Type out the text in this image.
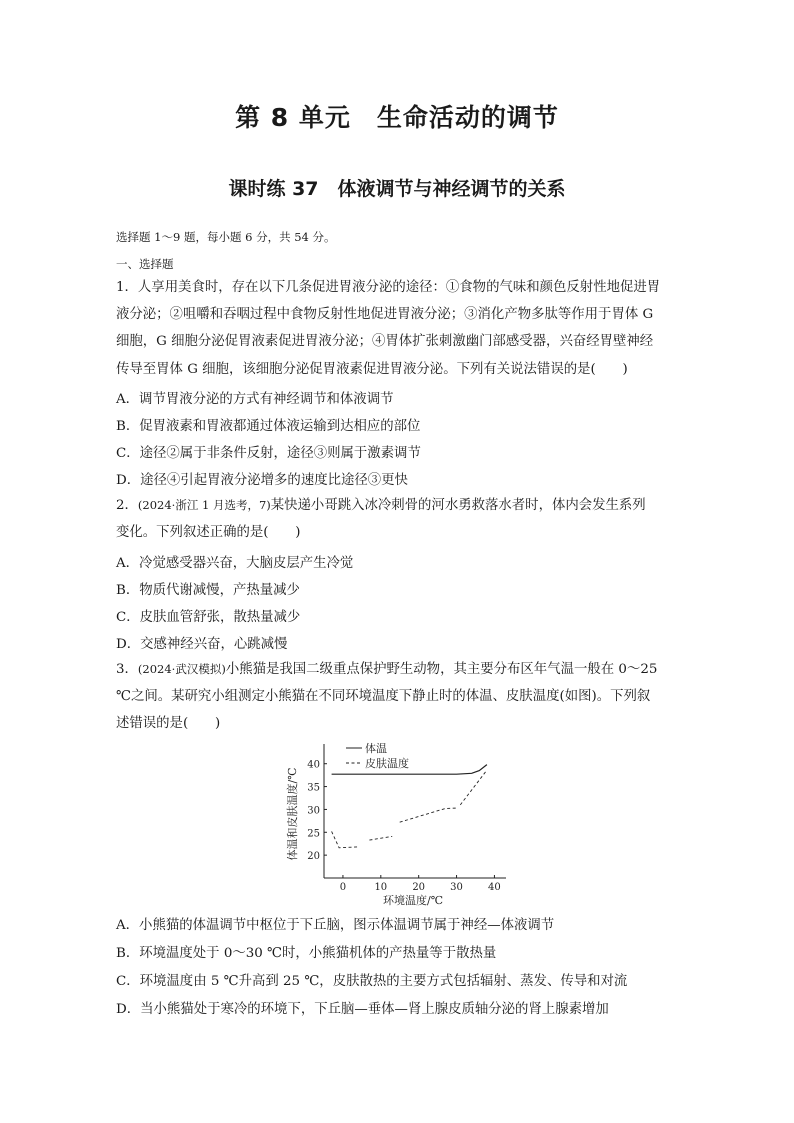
第 8 单元　生命活动的调节
课时练 37　体液调节与神经调节的关系
选择题 1～9 题，每小题 6 分，共 54 分。
一、选择题

1．人享用美食时，存在以下几条促进胃液分泌的途径：①食物的气味和颜色反射性地促进胃

液分泌；②咀嚼和吞咽过程中食物反射性地促进胃液分泌；③消化产物多肽等作用于胃体 G

细胞，G 细胞分泌促胃液素促进胃液分泌；④胃体扩张刺激幽门部感受器，兴奋经胃壁神经

传导至胃体 G 细胞，该细胞分泌促胃液素促进胃液分泌。下列有关说法错误的是(　　)

A．调节胃液分泌的方式有神经调节和体液调节
B．促胃液素和胃液都通过体液运输到达相应的部位
C．途径②属于非条件反射，途径③则属于激素调节
D．途径④引起胃液分泌增多的速度比途径③更快

2．(2024·浙江 1 月选考，7)某快递小哥跳入冰冷刺骨的河水勇救落水者时，体内会发生系列

变化。下列叙述正确的是(　　)

A．冷觉感受器兴奋，大脑皮层产生冷觉
B．物质代谢减慢，产热量减少
C．皮肤血管舒张，散热量减少
D．交感神经兴奋，心跳减慢

3．(2024·武汉模拟)小熊猫是我国二级重点保护野生动物，其主要分布区年气温一般在 0～25

℃之间。某研究小组测定小熊猫在不同环境温度下静止时的体温、皮肤温度(如图)。下列叙

述错误的是(　　)

体温
皮肤温度
0	10	20	30	40
20
25
30
35
40
环境温度/℃
体温和皮肤温度/℃
A．小熊猫的体温调节中枢位于下丘脑，图示体温调节属于神经—体液调节
B．环境温度处于 0～30 ℃时，小熊猫机体的产热量等于散热量
C．环境温度由 5 ℃升高到 25 ℃，皮肤散热的主要方式包括辐射、蒸发、传导和对流
D．当小熊猫处于寒冷的环境下，下丘脑—垂体—肾上腺皮质轴分泌的肾上腺素增加
